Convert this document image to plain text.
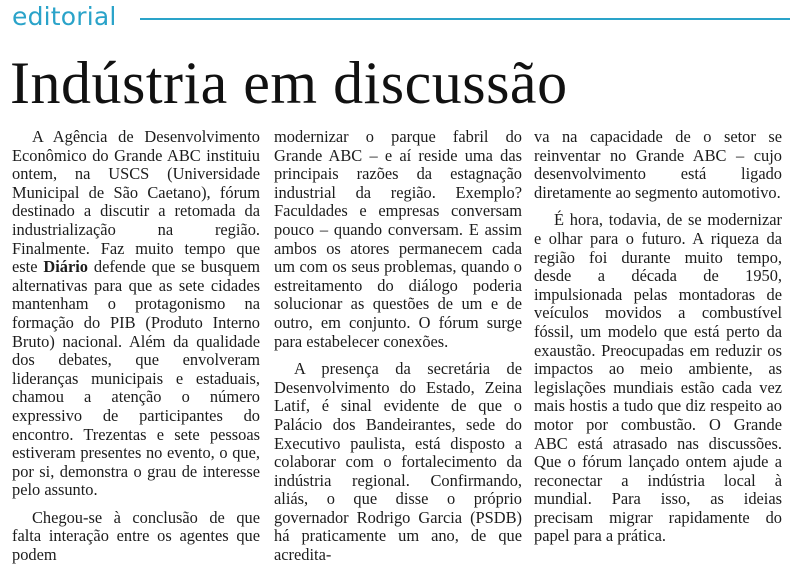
editorial
Indústria em discussão

A Agência de Desenvolvimento Econômico do Grande ABC instituiu ontem, na USCS (Universidade Municipal de São Caetano), fórum destinado a discutir a retomada da industrialização na região. Finalmente. Faz muito tempo que este Diário defende que se busquem alternativas para que as sete cidades mantenham o protagonismo na formação do PIB (Produto Interno Bruto) nacional. Além da qualidade dos debates, que envolveram lideranças municipais e estaduais, chamou a atenção o número expressivo de participantes do encontro. Trezentas e sete pessoas estiveram presentes no evento, o que, por si, demonstra o grau de interesse pelo assunto.

Chegou-se à conclusão de que falta interação entre os agentes que podem

modernizar o parque fabril do Grande ABC – e aí reside uma das principais razões da estagnação industrial da região. Exemplo? Faculdades e empresas conversam pouco – quando conversam. E assim ambos os atores permanecem cada um com os seus problemas, quando o estreitamento do diálogo poderia solucionar as questões de um e de outro, em conjunto. O fórum surge para estabelecer conexões.

A presença da secretária de Desenvolvimento do Estado, Zeina Latif, é sinal evidente de que o Palácio dos Bandeirantes, sede do Executivo paulista, está disposto a colaborar com o fortalecimento da indústria regional. Confirmando, aliás, o que disse o próprio governador Rodrigo Garcia (PSDB) há praticamente um ano, de que acredita-

va na capacidade de o setor se reinventar no Grande ABC – cujo desenvolvimento está ligado diretamente ao segmento automotivo.

É hora, todavia, de se modernizar e olhar para o futuro. A riqueza da região foi durante muito tempo, desde a década de 1950, impulsionada pelas montadoras de veículos movidos a combustível fóssil, um modelo que está perto da exaustão. Preocupadas em reduzir os impactos ao meio ambiente, as legislações mundiais estão cada vez mais hostis a tudo que diz respeito ao motor por combustão. O Grande ABC está atrasado nas discussões. Que o fórum lançado ontem ajude a reconectar a indústria local à mundial. Para isso, as ideias precisam migrar rapidamente do papel para a prática.
